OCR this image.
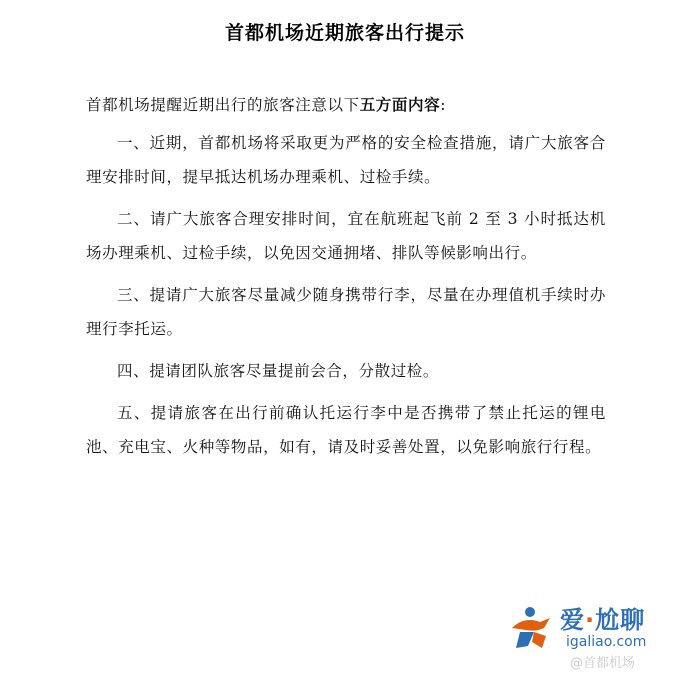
首都机场近期旅客出行提示

首都机场提醒近期出行的旅客注意以下五方面内容:

一、近期，首都机场将采取更为严格的安全检查措施，请广大旅客合理安排时间，提早抵达机场办理乘机、过检手续。

二、请广大旅客合理安排时间，宜在航班起飞前 2 至 3 小时抵达机场办理乘机、过检手续，以免因交通拥堵、排队等候影响出行。

三、提请广大旅客尽量减少随身携带行李，尽量在办理值机手续时办理行李托运。

四、提请团队旅客尽量提前会合，分散过检。

五、提请旅客在出行前确认托运行李中是否携带了禁止托运的锂电池、充电宝、火种等物品，如有，请及时妥善处置，以免影响旅行行程。

爱·尬聊
igaliao.com
@首都机场
